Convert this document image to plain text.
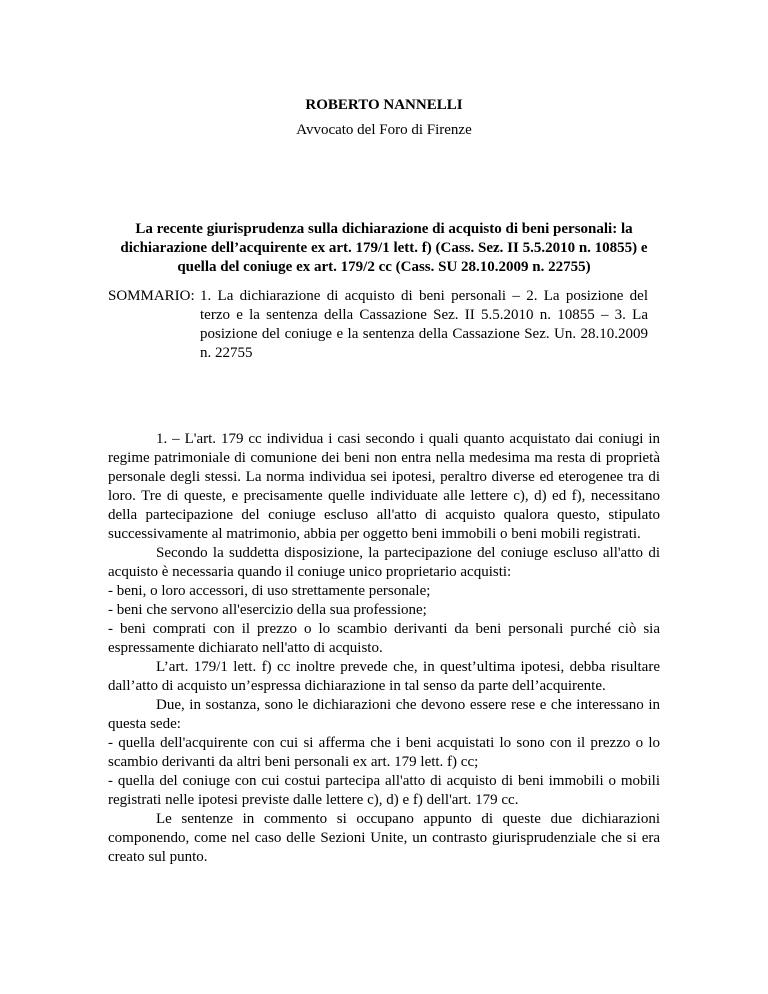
ROBERTO NANNELLI
Avvocato del Foro di Firenze
La recente giurisprudenza sulla dichiarazione di acquisto di beni personali: la dichiarazione dell’acquirente ex art. 179/1 lett. f) (Cass. Sez. II 5.5.2010 n. 10855) e quella del coniuge ex art. 179/2 cc (Cass. SU 28.10.2009 n. 22755)
SOMMARIO: 1. La dichiarazione di acquisto di beni personali – 2. La posizione del terzo e la sentenza della Cassazione Sez. II 5.5.2010 n. 10855 – 3. La posizione del coniuge e la sentenza della Cassazione Sez. Un. 28.10.2009 n. 22755

1. – L'art. 179 cc individua i casi secondo i quali quanto acquistato dai coniugi in regime patrimoniale di comunione dei beni non entra nella medesima ma resta di proprietà personale degli stessi. La norma individua sei ipotesi, peraltro diverse ed eterogenee tra di loro. Tre di queste, e precisamente quelle individuate alle lettere c), d) ed f), necessitano della partecipazione del coniuge escluso all'atto di acquisto qualora questo, stipulato successivamente al matrimonio, abbia per oggetto beni immobili o beni mobili registrati.

Secondo la suddetta disposizione, la partecipazione del coniuge escluso all'atto di acquisto è necessaria quando il coniuge unico proprietario acquisti:

- beni, o loro accessori, di uso strettamente personale;

- beni che servono all'esercizio della sua professione;

- beni comprati con il prezzo o lo scambio derivanti da beni personali purché ciò sia espressamente dichiarato nell'atto di acquisto.

L’art. 179/1 lett. f) cc inoltre prevede che, in quest’ultima ipotesi, debba risultare dall’atto di acquisto un’espressa dichiarazione in tal senso da parte dell’acquirente.

Due, in sostanza, sono le dichiarazioni che devono essere rese e che interessano in questa sede:

- quella dell'acquirente con cui si afferma che i beni acquistati lo sono con il prezzo o lo scambio derivanti da altri beni personali ex art. 179 lett. f) cc;

- quella del coniuge con cui costui partecipa all'atto di acquisto di beni immobili o mobili registrati nelle ipotesi previste dalle lettere c), d) e f) dell'art. 179 cc.

Le sentenze in commento si occupano appunto di queste due dichiarazioni componendo, come nel caso delle Sezioni Unite, un contrasto giurisprudenziale che si era creato sul punto.
